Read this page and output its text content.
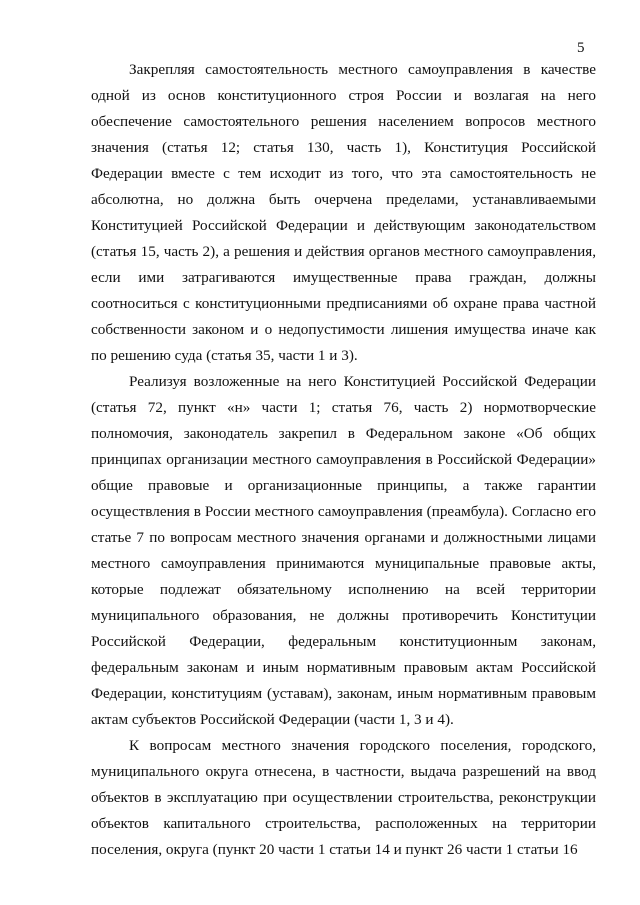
5

Закрепляя самостоятельность местного самоуправления в качестве одной из основ конституционного строя России и возлагая на него обеспечение самостоятельного решения населением вопросов местного значения (статья 12; статья 130, часть 1), Конституция Российской Федерации вместе с тем исходит из того, что эта самостоятельность не абсолютна, но должна быть очерчена пределами, устанавливаемыми Конституцией Российской Федерации и действующим законодательством (статья 15, часть 2), а решения и действия органов местного самоуправления, если ими затрагиваются имущественные права граждан, должны соотноситься с конституционными предписаниями об охране права частной собственности законом и о недопустимости лишения имущества иначе как по решению суда (статья 35, части 1 и 3).

Реализуя возложенные на него Конституцией Российской Федерации (статья 72, пункт «н» части 1; статья 76, часть 2) нормотворческие полномочия, законодатель закрепил в Федеральном законе «Об общих принципах организации местного самоуправления в Российской Федерации» общие правовые и организационные принципы, а также гарантии осуществления в России местного самоуправления (преамбула). Согласно его статье 7 по вопросам местного значения органами и должностными лицами местного самоуправления принимаются муниципальные правовые акты, которые подлежат обязательному исполнению на всей территории муниципального образования, не должны противоречить Конституции Российской Федерации, федеральным конституционным законам, федеральным законам и иным нормативным правовым актам Российской Федерации, конституциям (уставам), законам, иным нормативным правовым актам субъектов Российской Федерации (части 1, 3 и 4).

К вопросам местного значения городского поселения, городского, муниципального округа отнесена, в частности, выдача разрешений на ввод объектов в эксплуатацию при осуществлении строительства, реконструкции объектов капитального строительства, расположенных на территории поселения, округа (пункт 20 части 1 статьи 14 и пункт 26 части 1 статьи 16
